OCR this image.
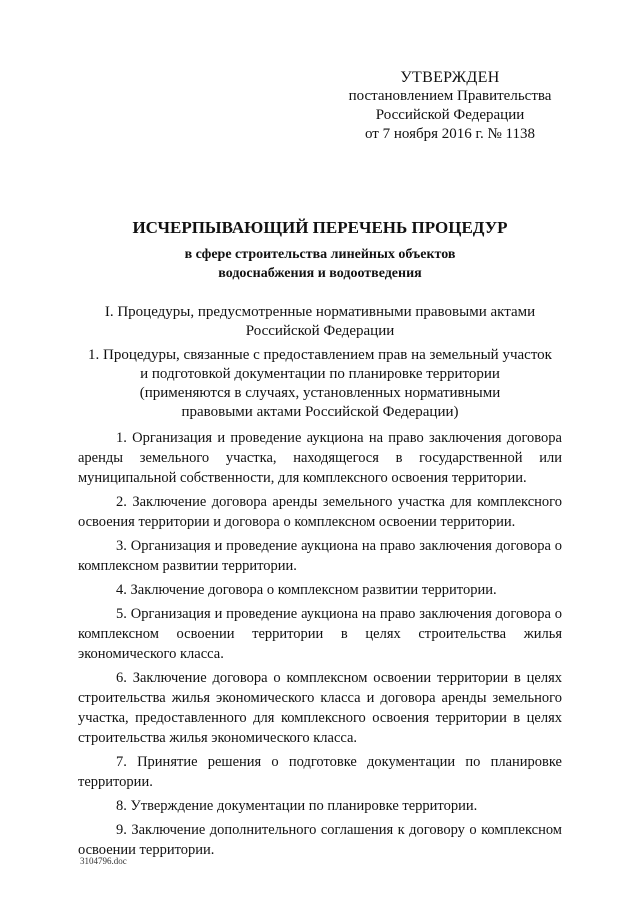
УТВЕРЖДЕН
постановлением Правительства
Российской Федерации
от 7 ноября 2016 г. № 1138
ИСЧЕРПЫВАЮЩИЙ ПЕРЕЧЕНЬ ПРОЦЕДУР
в сфере строительства линейных объектов
водоснабжения и водоотведения
I. Процедуры, предусмотренные нормативными правовыми актами
Российской Федерации
1. Процедуры, связанные с предоставлением прав на земельный участок
и подготовкой документации по планировке территории
(применяются в случаях, установленных нормативными
правовыми актами Российской Федерации)

1. Организация и проведение аукциона на право заключения договора аренды земельного участка, находящегося в государственной или муниципальной собственности, для комплексного освоения территории.

2. Заключение договора аренды земельного участка для комплексного освоения территории и договора о комплексном освоении территории.

3. Организация и проведение аукциона на право заключения договора о комплексном развитии территории.

4. Заключение договора о комплексном развитии территории.

5. Организация и проведение аукциона на право заключения договора о комплексном освоении территории в целях строительства жилья экономического класса.

6. Заключение договора о комплексном освоении территории в целях строительства жилья экономического класса и договора аренды земельного участка, предоставленного для комплексного освоения территории в целях строительства жилья экономического класса.

7. Принятие решения о подготовке документации по планировке территории.

8. Утверждение документации по планировке территории.

9. Заключение дополнительного соглашения к договору о комплексном освоении территории.

3104796.doc
